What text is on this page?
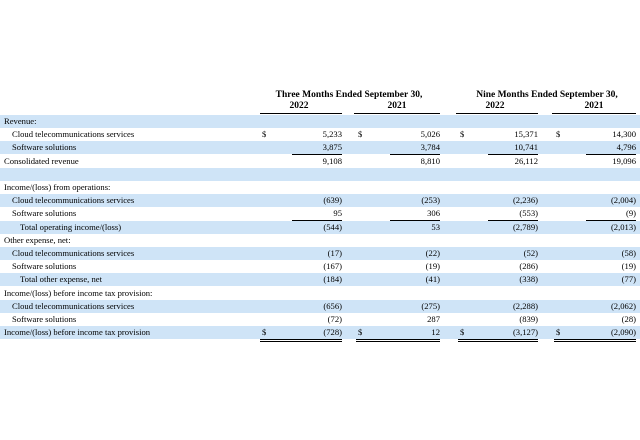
Three Months Ended September 30,	Nine Months Ended September 30,
2022	2021	2022	2021
Revenue:
Cloud telecommunications services	$	5,233 $	5,026 $	15,371 $	14,300
Software solutions	3,875	3,784	10,741	4,796
Consolidated revenue	9,108	8,810	26,112	19,096
Income/(loss) from operations:
Cloud telecommunications services	(639)	(253)	(2,236)	(2,004)
Software solutions	95	306	(553)	(9)
Total operating income/(loss)	(544)	53	(2,789)	(2,013)
Other expense, net:
Cloud telecommunications services	(17)	(22)	(52)	(58)
Software solutions	(167)	(19)	(286)	(19)
Total other expense, net	(184)	(41)	(338)	(77)
Income/(loss) before income tax provision:
Cloud telecommunications services	(656)	(275)	(2,288)	(2,062)
Software solutions	(72)	287	(839)	(28)
Income/(loss) before income tax provision	$	(728) $	12 $	(3,127) $	(2,090)
